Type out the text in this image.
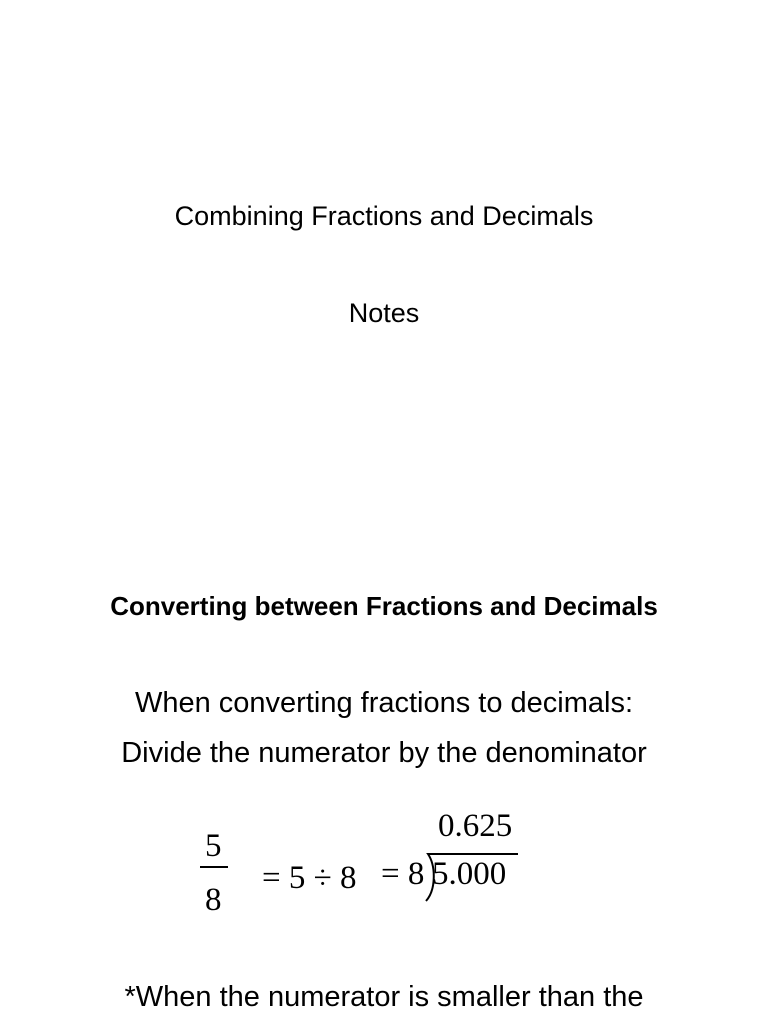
Combining Fractions and Decimals
Notes
Converting between Fractions and Decimals
When converting fractions to decimals:
Divide the numerator by the denominator
5
8
= 5 ÷ 8 = 8
0.625
5.000
*When the numerator is smaller than the
